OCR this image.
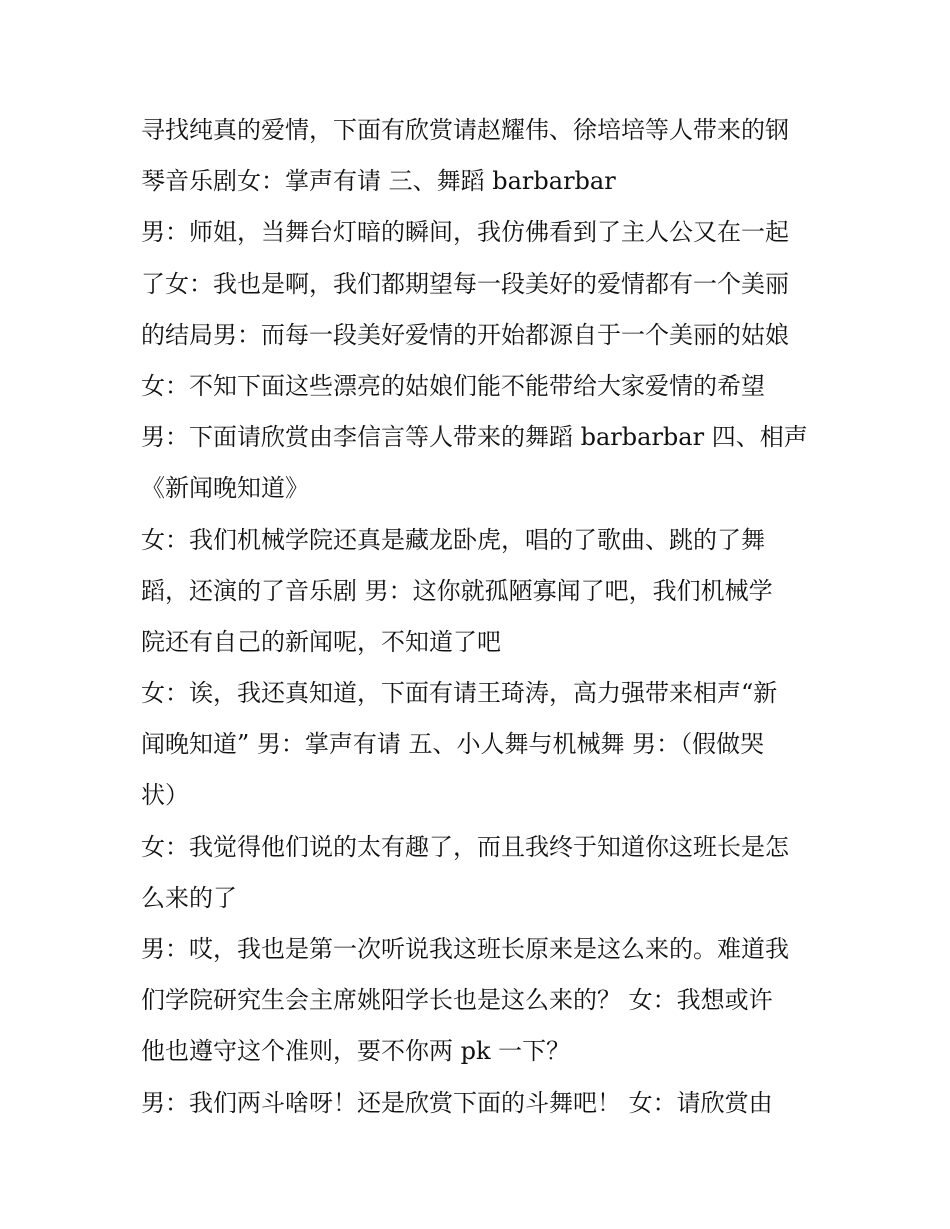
寻找纯真的爱情，下面有欣赏请赵耀伟、徐培培等人带来的钢
琴音乐剧女：掌声有请 三、舞蹈 barbarbar
男：师姐，当舞台灯暗的瞬间，我仿佛看到了主人公又在一起
了女：我也是啊，我们都期望每一段美好的爱情都有一个美丽
的结局男：而每一段美好爱情的开始都源自于一个美丽的姑娘
女：不知下面这些漂亮的姑娘们能不能带给大家爱情的希望
男：下面请欣赏由李信言等人带来的舞蹈 barbarbar 四、相声
《新闻晚知道》
女：我们机械学院还真是藏龙卧虎，唱的了歌曲、跳的了舞
蹈，还演的了音乐剧 男：这你就孤陋寡闻了吧，我们机械学
院还有自己的新闻呢，不知道了吧
女：诶，我还真知道，下面有请王琦涛，高力强带来相声“新
闻晚知道” 男：掌声有请 五、小人舞与机械舞 男：（假做哭
状）
女：我觉得他们说的太有趣了，而且我终于知道你这班长是怎
么来的了
男：哎，我也是第一次听说我这班长原来是这么来的。难道我
们学院研究生会主席姚阳学长也是这么来的？ 女：我想或许
他也遵守这个准则，要不你两 pk 一下？
男：我们两斗啥呀！还是欣赏下面的斗舞吧！ 女：请欣赏由
